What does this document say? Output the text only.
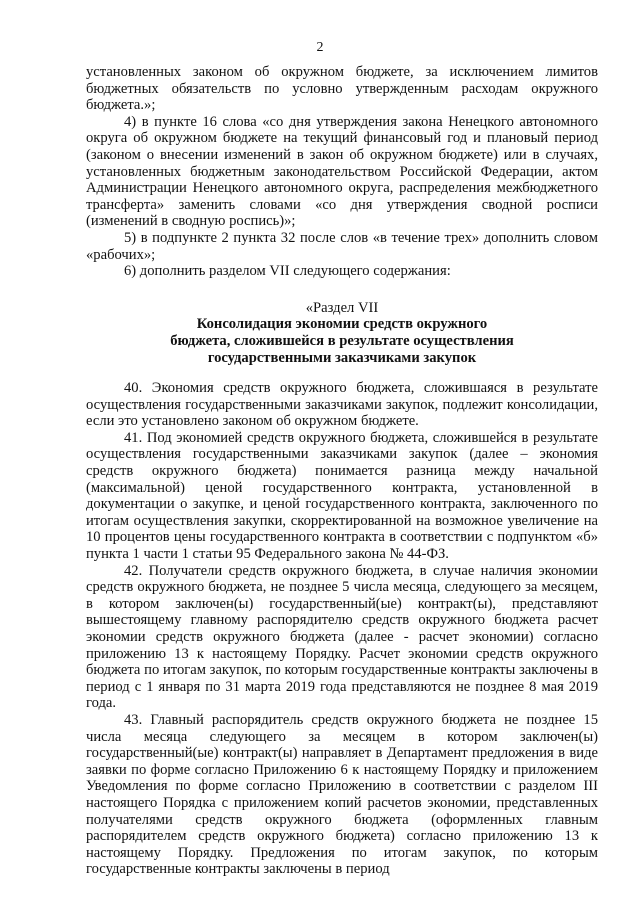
2

установленных законом об окружном бюджете, за исключением лимитов бюджетных обязательств по условно утвержденным расходам окружного бюджета.»;

4) в пункте 16 слова «со дня утверждения закона Ненецкого автономного округа об окружном бюджете на текущий финансовый год и плановый период (законом о внесении изменений в закон об окружном бюджете) или в случаях, установленных бюджетным законодательством Российской Федерации, актом Администрации Ненецкого автономного округа, распределения межбюджетного трансферта» заменить словами «со дня утверждения сводной росписи (изменений в сводную роспись)»;

5) в подпункте 2 пункта 32 после слов «в течение трех» дополнить словом «рабочих»;

6) дополнить разделом VII следующего содержания:

«Раздел VII
Консолидация экономии средств окружного
бюджета, сложившейся в результате осуществления
государственными заказчиками закупок

40. Экономия средств окружного бюджета, сложившаяся в результате осуществления государственными заказчиками закупок, подлежит консолидации, если это установлено законом об окружном бюджете.

41. Под экономией средств окружного бюджета, сложившейся в результате осуществления государственными заказчиками закупок (далее – экономия средств окружного бюджета) понимается разница между начальной (максимальной) ценой государственного контракта, установленной в документации о закупке, и ценой государственного контракта, заключенного по итогам осуществления закупки, скорректированной на возможное увеличение на 10 процентов цены государственного контракта в соответствии с подпунктом «б» пункта 1 части 1 статьи 95 Федерального закона № 44-ФЗ.

42. Получатели средств окружного бюджета, в случае наличия экономии средств окружного бюджета, не позднее 5 числа месяца, следующего за месяцем, в котором заключен(ы) государственный(ые) контракт(ы), представляют вышестоящему главному распорядителю средств окружного бюджета расчет экономии средств окружного бюджета (далее - расчет экономии) согласно приложению 13 к настоящему Порядку. Расчет экономии средств окружного бюджета по итогам закупок, по которым государственные контракты заключены в период с 1 января по 31 марта 2019 года представляются не позднее 8 мая 2019 года.

43. Главный распорядитель средств окружного бюджета не позднее 15 числа месяца следующего за месяцем в котором заключен(ы) государственный(ые) контракт(ы) направляет в Департамент предложения в виде заявки по форме согласно Приложению 6 к настоящему Порядку и приложением Уведомления по форме согласно Приложению в соответствии с разделом III настоящего Порядка с приложением копий расчетов экономии, представленных получателями средств окружного бюджета (оформленных главным распорядителем средств окружного бюджета) согласно приложению 13 к настоящему Порядку. Предложения по итогам закупок, по которым государственные контракты заключены в период
